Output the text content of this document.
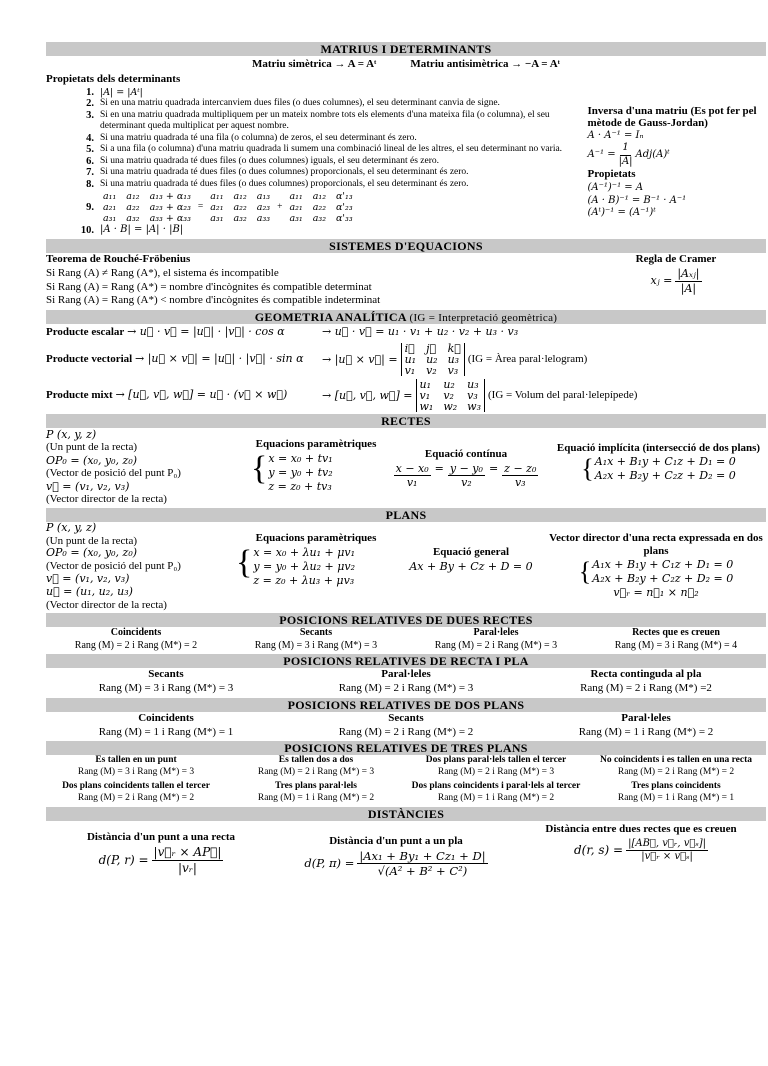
MATRIUS I DETERMINANTS
Matriu simètrica → A = Aᵗ	Matriu antisimètrica → −A = Aᵗ
Propietats dels determinants
1. |A| = |Aᵗ|
2. Si en una matriu quadrada intercanviem dues files (o dues columnes), el seu determinant canvia de signe.
3. Si en una matriu quadrada multipliquem per un mateix nombre tots els elements d'una mateixa fila (o columna), el seu determinant queda multiplicat per aquest nombre.
4. Si una matriu quadrada té una fila (o columna) de zeros, el seu determinant és zero.
5. Si a una fila (o columna) d'una matriu quadrada li sumem una combinació lineal de les altres, el seu determinant no varia.
6. Si una matriu quadrada té dues files (o dues columnes) iguals, el seu determinant és zero.
7. Si una matriu quadrada té dues files (o dues columnes) proporcionals, el seu determinant és zero.
8. Si una matriu quadrada té dues files (o dues columnes) proporcionals, el seu determinant és zero.
9.
a₁₁ a₁₂ a₁₃ + α₁₃
a₂₁ a₂₂ a₂₃ + α₂₃
a₃₁ a₃₂ a₃₃ + α₃₃
=
a₁₁ a₁₂ a₁₃
a₂₁ a₂₂ a₂₃
a₃₁ a₃₂ a₃₃
+
a₁₁ a₁₂ α'₁₃
a₂₁ a₂₂ α'₂₃
a₃₁ a₃₂ α'₃₃
10. |A · B| = |A| · |B|
Inversa d'una matriu (Es pot fer pel mètode de Gauss-Jordan)
A · A⁻¹ = Iₙ
$A^{-1} = \frac{1}{|A|}$ Adj(A)ᵗ
Propietats
(A⁻¹)⁻¹ = A
(A · B)⁻¹ = B⁻¹ · A⁻¹
(Aᵗ)⁻¹ = (A⁻¹)ᵗ
SISTEMES D'EQUACIONS
Teorema de Rouché-Fröbenius
Si Rang (A) ≠ Rang (A*), el sistema és incompatible
Si Rang (A) = Rang (A*) = nombre d'incògnites és compatible determinat
Si Rang (A) = Rang (A*) < nombre d'incògnites és compatible indeterminat
Regla de Cramer
xⱼ = $\frac{\text{|Aₓⱼ|}}{|A|}$
GEOMETRIA ANALÍTICA (IG = Interpretació geomètrica)
Producte escalar → u⃗ · v⃗ = |u⃗| · |v⃗| · cos α	→ u⃗ · v⃗ = u₁ · v₁ + u₂ · v₂ + u₃ · v₃
Producte vectorial → |u⃗ × v⃗| = |u⃗| · |v⃗| · sin α	→ |u⃗ × v⃗| =
i⃗ j⃗ k⃗
u₁ u₂ u₃
v₁ v₂ v₃
(IG = Àrea paral·lelogram)
Producte mixt → [u⃗, v⃗, w⃗] = u⃗ · (v⃗ × w⃗)	→ [u⃗, v⃗, w⃗] =
u₁ u₂ u₃
v₁ v₂ v₃
w₁ w₂ w₃
(IG = Volum del paral·lelepípede)
RECTES
P (x, y, z)
(Un punt de la recta)
OP₀ = (x₀, y₀, z₀)
(Vector de posició del punt P₀)
v⃗ = (v₁, v₂, v₃)
(Vector director de la recta)
Equacions paramètriques
{ x = x₀ + tv₁
y = y₀ + tv₂
z = z₀ + tv₃
Equació contínua
$\frac{\text{x − x₀}}{\text{v₁}} = \frac{\text{y − y₀}}{\text{v₂}} = \frac{\text{z − z₀}}{\text{v₃}}$
Equació implícita (intersecció de dos plans)
{ A₁x + B₁y + C₁z + D₁ = 0
A₂x + B₂y + C₂z + D₂ = 0
PLANS
P (x, y, z)
(Un punt de la recta)
OP₀ = (x₀, y₀, z₀)
(Vector de posició del punt P₀)
v⃗ = (v₁, v₂, v₃)
u⃗ = (u₁, u₂, u₃)
(Vector director de la recta)
Equacions paramètriques
{ x = x₀ + λu₁ + μv₁
y = y₀ + λu₂ + μv₂
z = z₀ + λu₃ + μv₃
Equació general
Ax + By + Cz + D = 0
Vector director d'una recta expressada en dos plans
{ A₁x + B₁y + C₁z + D₁ = 0
A₂x + B₂y + C₂z + D₂ = 0
v⃗ᵣ = n⃗₁ × n⃗₂
POSICIONS RELATIVES DE DUES RECTES
Coincidents
Rang (M) = 2 i Rang (M*) = 2
Secants
Rang (M) = 3 i Rang (M*) = 3
Paral·leles
Rang (M) = 2 i Rang (M*) = 3
Rectes que es creuen
Rang (M) = 3 i Rang (M*) = 4
POSICIONS RELATIVES DE RECTA I PLA
Secants
Rang (M) = 3 i Rang (M*) = 3
Paral·leles
Rang (M) = 2 i Rang (M*) = 3
Recta continguda al pla
Rang (M) = 2 i Rang (M*) =2
POSICIONS RELATIVES DE DOS PLANS
Coincidents
Rang (M) = 1 i Rang (M*) = 1
Secants
Rang (M) = 2 i Rang (M*) = 2
Paral·leles
Rang (M) = 1 i Rang (M*) = 2
POSICIONS RELATIVES DE TRES PLANS
Es tallen en un punt
Rang (M) = 3 i Rang (M*) = 3
Es tallen dos a dos
Rang (M) = 2 i Rang (M*) = 3
Dos plans paral·lels tallen el tercer
Rang (M) = 2 i Rang (M*) = 3
No coincidents i es tallen en una recta
Rang (M) = 2 i Rang (M*) = 2
Dos plans coincidents tallen el tercer
Rang (M) = 2 i Rang (M*) = 2
Tres plans paral·lels
Rang (M) = 1 i Rang (M*) = 2
Dos plans coincidents i paral·lels al tercer
Rang (M) = 1 i Rang (M*) = 2
Tres plans coincidents
Rang (M) = 1 i Rang (M*) = 1
DISTÀNCIES
Distància d'un punt a una recta
d(P, $r) = \frac{\text{|v⃗ᵣ × AP⃗|}}{\text{|vᵣ|}}$
Distància d'un punt a un pla
d(P, $\pi) = \frac{\text{|Ax₁ + By₁ + Cz₁ + D|}}{\text{√(A² + B² + C²)}}$
Distància entre dues rectes que es creuen
d(r, $s) = \frac{\text{|[AB⃗, v⃗ᵣ, v⃗ₛ]|}}{\text{|v⃗ᵣ × v⃗ₛ|}}$
